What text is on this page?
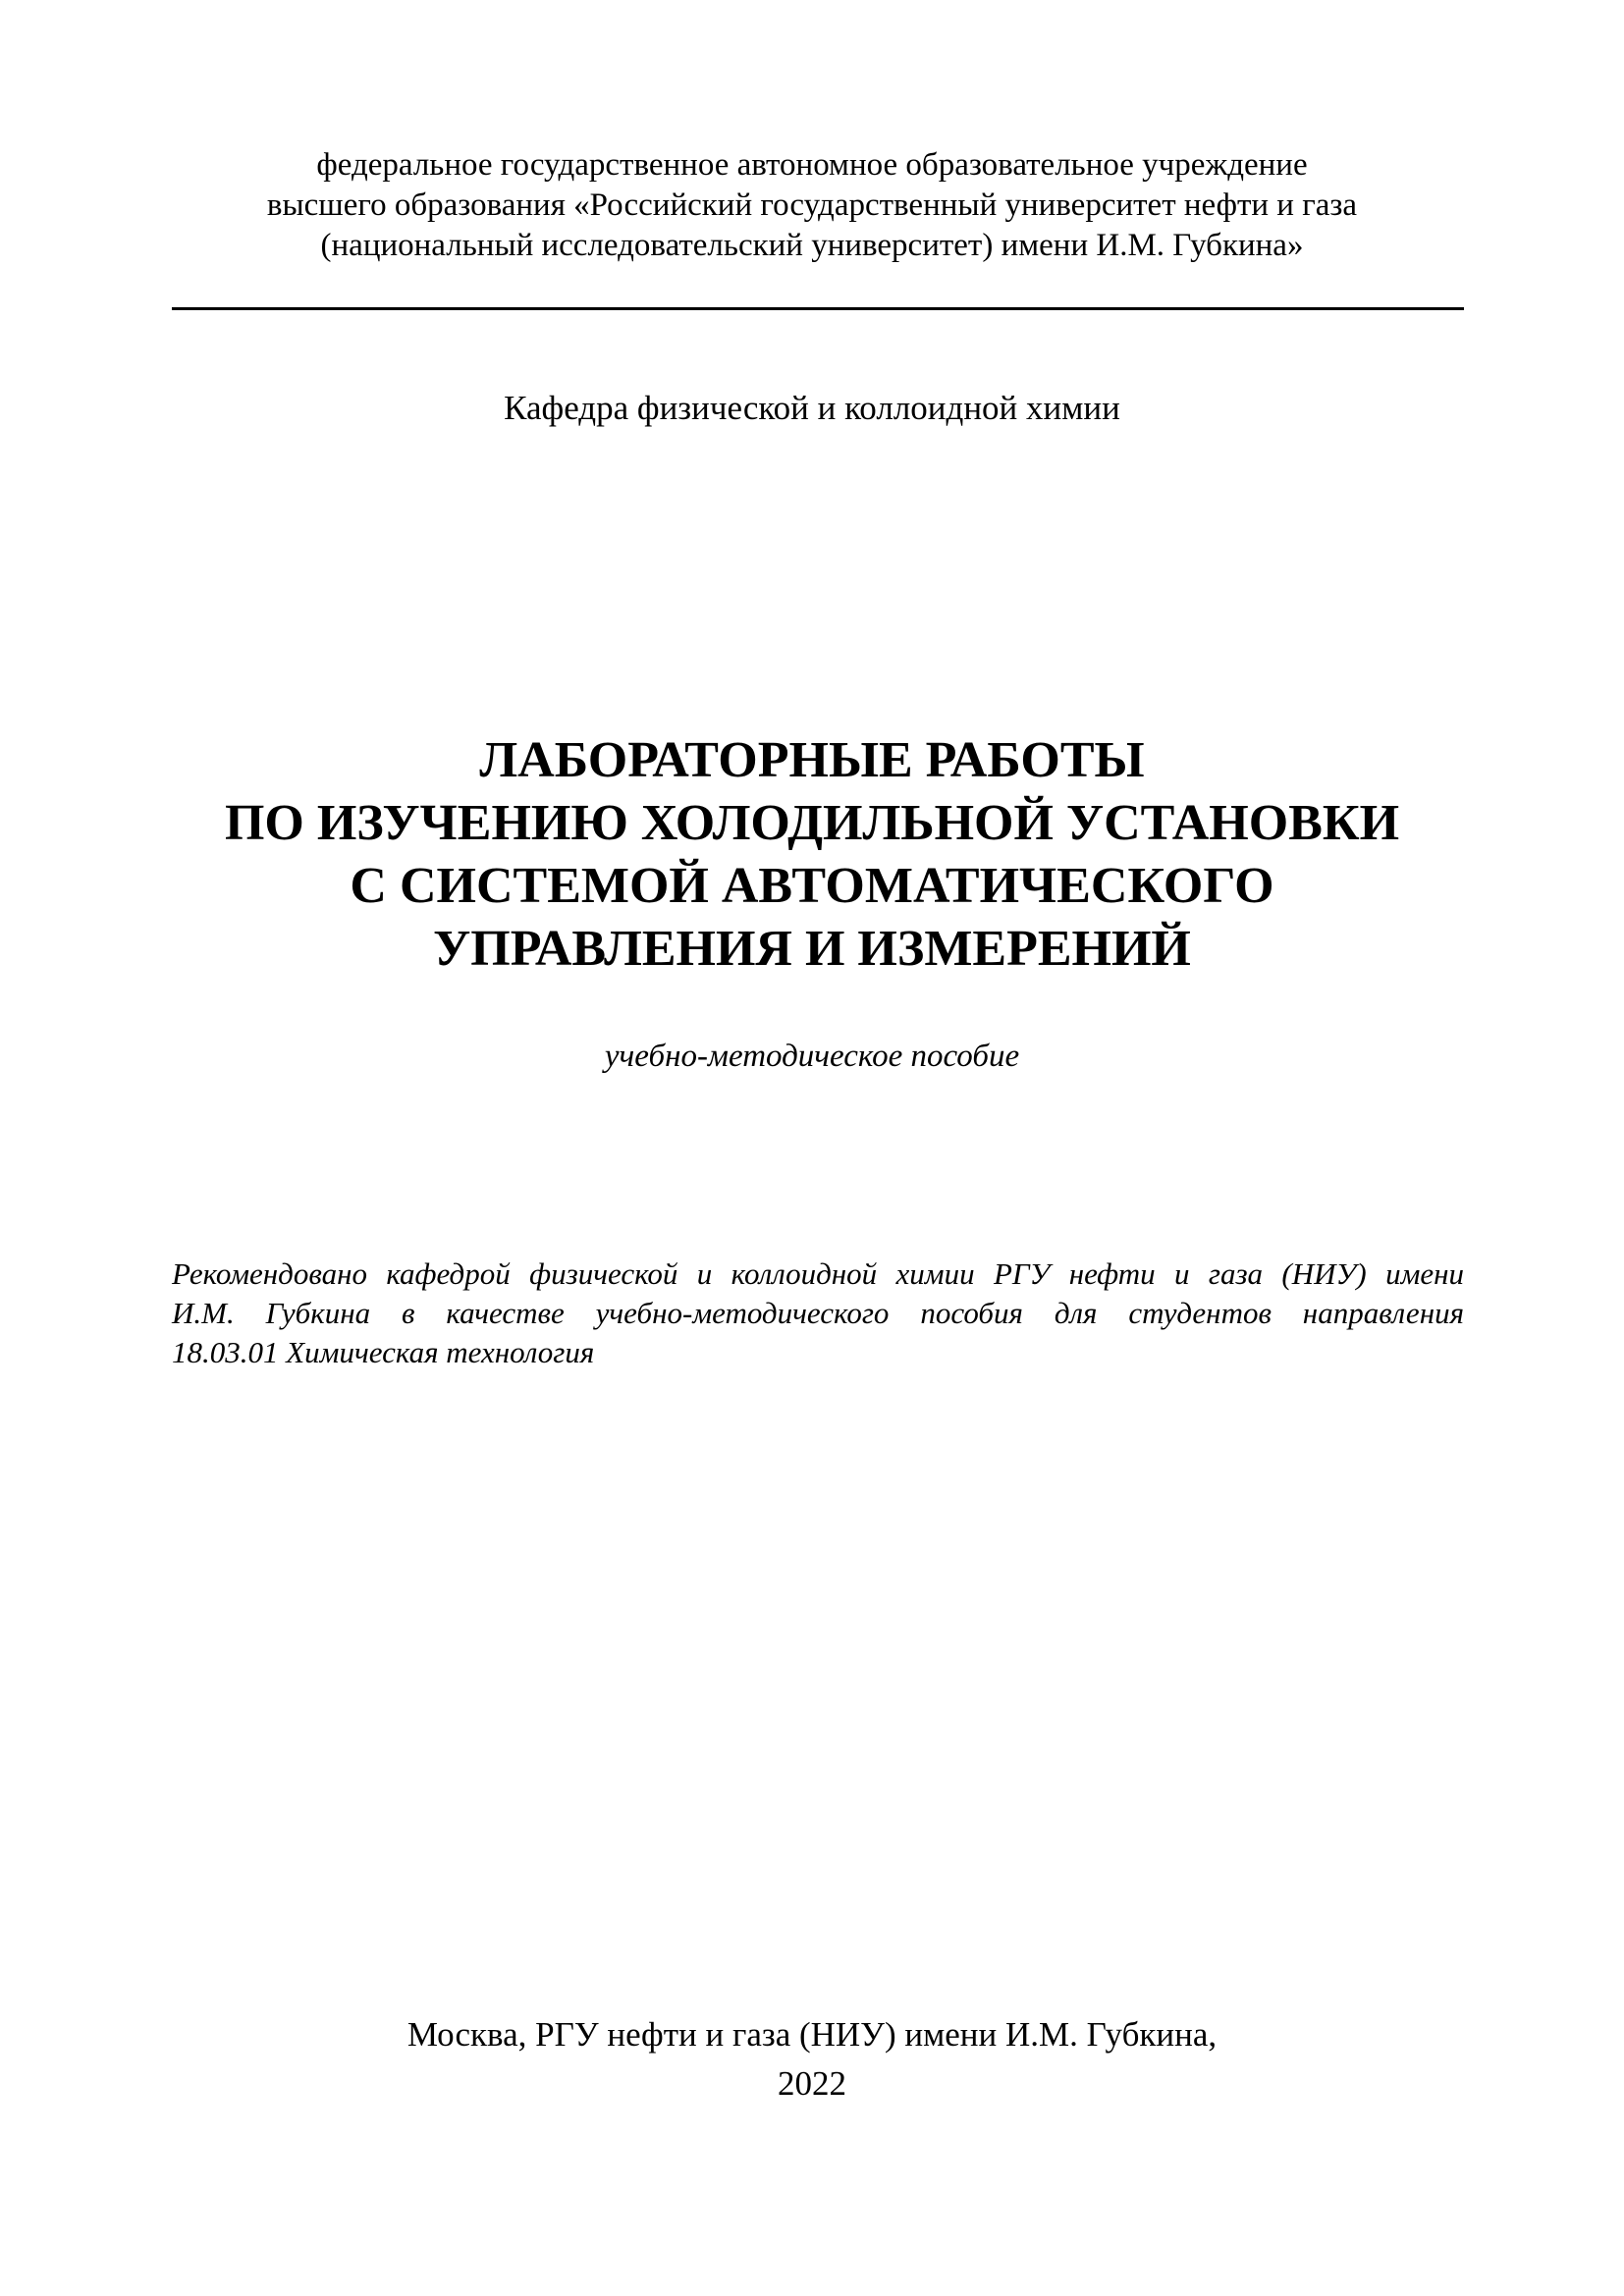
федеральное государственное автономное образовательное учреждение
высшего образования «Российский государственный университет нефти и газа
(национальный исследовательский университет) имени И.М. Губкина»
Кафедра физической и коллоидной химии
ЛАБОРАТОРНЫЕ РАБОТЫ
ПО ИЗУЧЕНИЮ ХОЛОДИЛЬНОЙ УСТАНОВКИ
С СИСТЕМОЙ АВТОМАТИЧЕСКОГО
УПРАВЛЕНИЯ И ИЗМЕРЕНИЙ
учебно-методическое пособие
Рекомендовано кафедрой физической и коллоидной химии РГУ нефти и газа (НИУ) имени
И.М. Губкина в качестве учебно-методического пособия для студентов направления
18.03.01 Химическая технология
Москва, РГУ нефти и газа (НИУ) имени И.М. Губкина,
2022
